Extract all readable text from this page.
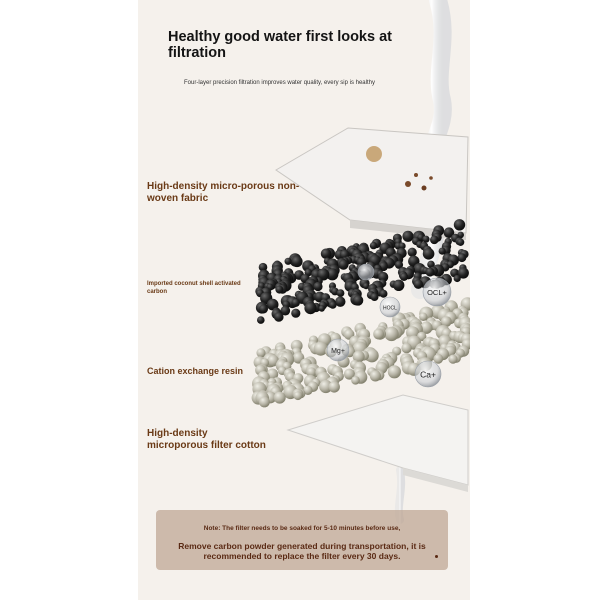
OCL+
HOCL
Mg+
Ca+
Healthy good water first looks at filtration
Four-layer precision filtration improves water quality, every sip is healthy
High-density micro-porous non-woven fabric
Imported coconut shell activated carbon
Cation exchange resin
High-density microporous filter cotton
Note: The filter needs to be soaked for 5-10 minutes before use,
Remove carbon powder generated during transportation, it is recommended to replace the filter every 30 days.
